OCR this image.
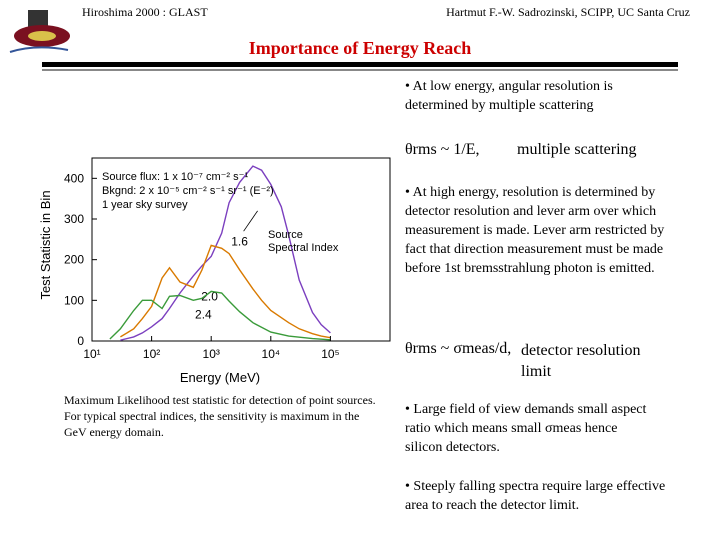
Hiroshima 2000 : GLAST	Hartmut F.-W. Sadrozinski, SCIPP, UC Santa Cruz
Importance of Energy Reach
• At low energy, angular resolution is determined by multiple scattering
θrms ~ 1/E, multiple scattering
• At high energy, resolution is determined by detector resolution and lever arm over which measurement is made. Lever arm restricted by fact that direction measurement must be made before 1st bremsstrahlung photon is emitted.
θrms ~ σmeas/d, detector resolution limit
• Large field of view demands small aspect ratio which means small σmeas hence silicon detectors.
• Steeply falling spectra require large effective area to reach the detector limit.
1.6
2.0
2.4
0
100
200
300
400
10¹	10²	10³	10⁴	10⁵
Source flux: 1 x 10⁻⁷ cm⁻² s⁻¹
Bkgnd: 2 x 10⁻⁵ cm⁻² s⁻¹ sr⁻¹ (E⁻²)
1 year sky survey
Source
Spectral Index
Energy (MeV)
Test Statistic in Bin
Maximum Likelihood test statistic for detection of point sources. For typical spectral indices, the sensitivity is maximum in the GeV energy domain.
